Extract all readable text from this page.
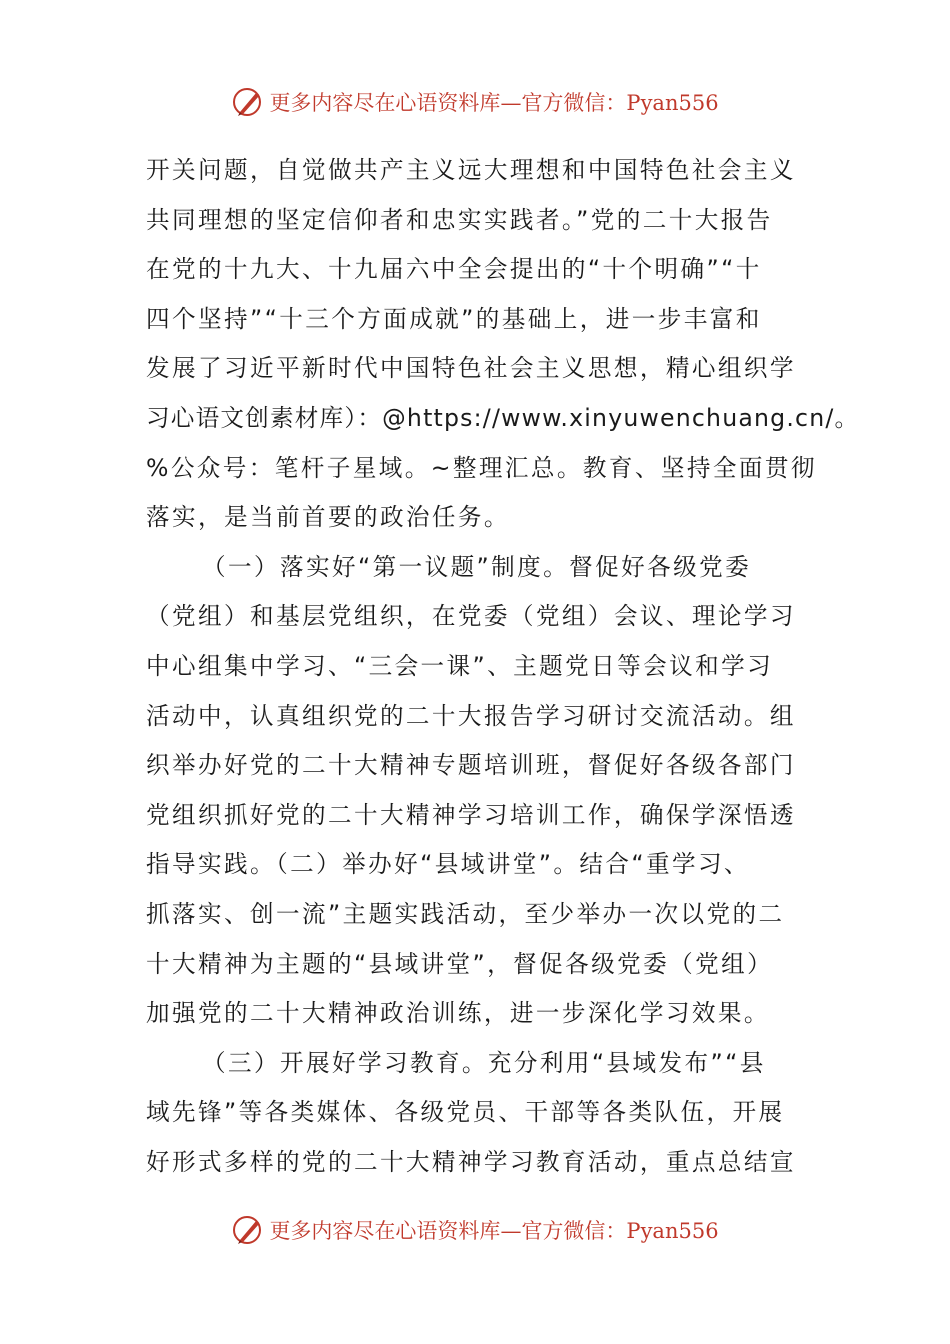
更多内容尽在心语资料库—官方微信：Pyan556
开关问题，自觉做共产主义远大理想和中国特色社会主义
共同理想的坚定信仰者和忠实实践者。”党的二十大报告
在党的十九大、十九届六中全会提出的“十个明确”“十
四个坚持”“十三个方面成就”的基础上，进一步丰富和
发展了习近平新时代中国特色社会主义思想，精心组织学
习心语文创素材库）：@https://www.xinyuwenchuang.cn/。
%公众号：笔杆子星域。~整理汇总。教育、坚持全面贯彻
落实，是当前首要的政治任务。
（一）落实好“第一议题”制度。督促好各级党委
（党组）和基层党组织，在党委（党组）会议、理论学习
中心组集中学习、“三会一课”、主题党日等会议和学习
活动中，认真组织党的二十大报告学习研讨交流活动。组
织举办好党的二十大精神专题培训班，督促好各级各部门
党组织抓好党的二十大精神学习培训工作，确保学深悟透
指导实践。（二）举办好“县域讲堂”。结合“重学习、
抓落实、创一流”主题实践活动，至少举办一次以党的二
十大精神为主题的“县域讲堂”，督促各级党委（党组）
加强党的二十大精神政治训练，进一步深化学习效果。
（三）开展好学习教育。充分利用“县域发布”“县
域先锋”等各类媒体、各级党员、干部等各类队伍，开展
好形式多样的党的二十大精神学习教育活动，重点总结宣
更多内容尽在心语资料库—官方微信：Pyan556
